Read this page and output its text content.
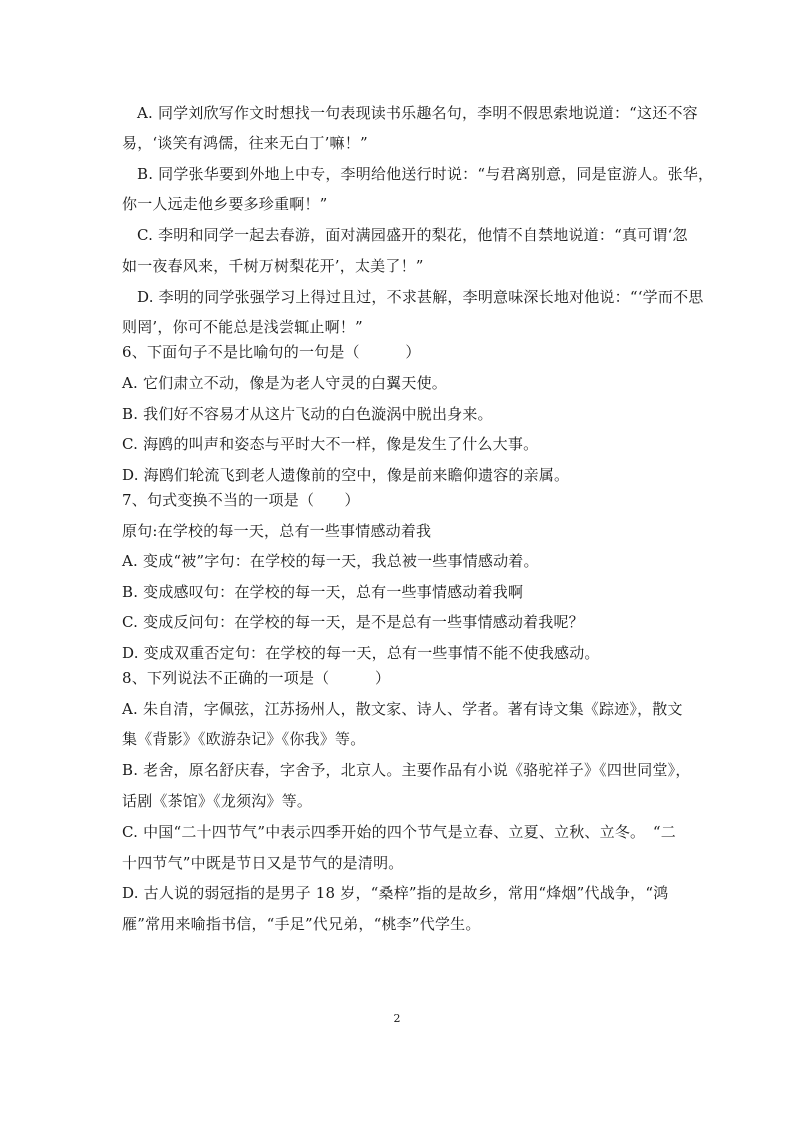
A. 同学刘欣写作文时想找一句表现读书乐趣名句，李明不假思索地说道：“这还不容
易，‘谈笑有鸿儒，往来无白丁’嘛！”
B. 同学张华要到外地上中专，李明给他送行时说：“与君离别意，同是宦游人。张华，
你一人远走他乡要多珍重啊！”
C. 李明和同学一起去春游，面对满园盛开的梨花，他情不自禁地说道：“真可谓‘忽
如一夜春风来，千树万树梨花开’，太美了！”
D. 李明的同学张强学习上得过且过，不求甚解，李明意味深长地对他说：“‘学而不思
则罔’，你可不能总是浅尝辄止啊！”
6、下面句子不是比喻句的一句是（　　　）
A. 它们肃立不动，像是为老人守灵的白翼天使。
B. 我们好不容易才从这片飞动的白色漩涡中脱出身来。
C. 海鸥的叫声和姿态与平时大不一样，像是发生了什么大事。
D. 海鸥们轮流飞到老人遗像前的空中，像是前来瞻仰遗容的亲属。
7、句式变换不当的一项是（　　）
原句:在学校的每一天，总有一些事情感动着我
A. 变成“被”字句：在学校的每一天，我总被一些事情感动着。
B. 变成感叹句：在学校的每一天，总有一些事情感动着我啊
C. 变成反问句：在学校的每一天，是不是总有一些事情感动着我呢？
D. 变成双重否定句：在学校的每一天，总有一些事情不能不使我感动。
8、下列说法不正确的一项是（　　　）
A. 朱自清，字佩弦，江苏扬州人，散文家、诗人、学者。著有诗文集《踪迹》，散文
集《背影》《欧游杂记》《你我》等。
B. 老舍，原名舒庆春，字舍予，北京人。主要作品有小说《骆驼祥子》《四世同堂》，
话剧《茶馆》《龙须沟》等。
C. 中国“二十四节气”中表示四季开始的四个节气是立春、立夏、立秋、立冬。　“二
十四节气”中既是节日又是节气的是清明。
D. 古人说的弱冠指的是男子 18 岁，“桑梓”指的是故乡，常用“烽烟”代战争，“鸿
雁”常用来喻指书信，“手足”代兄弟，“桃李”代学生。
2
